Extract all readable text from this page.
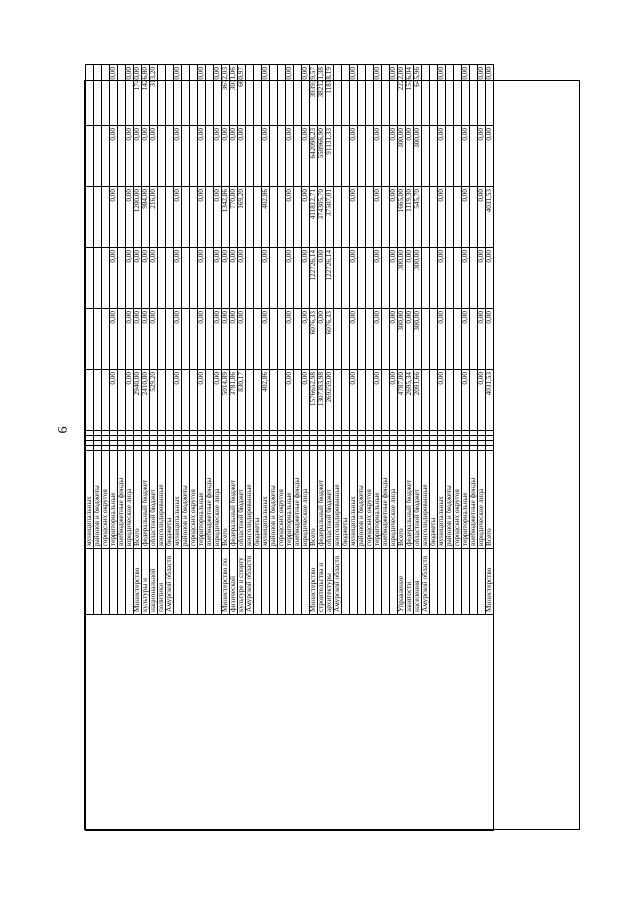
6
		муниципальных										
		районов и бюджеты										
		городских округов										
		территориальные					0,00	0,00	0,00	0,00	0,00	0,00
		внебюджетные фонды										
		юридические лица					0,00	0,00	0,00	0,00	0,00	0,00
	Министерство	Всего					2940,00	0,00	0,00	1200,00	0,00	1740,00
	культуры и	федеральный бюджет					2410,80	0,00	0,00	984,00	0,00	1426,80
	национальной	областной бюджет					529,20	0,00	0,00	216,00	0,00	313,20
	политики	консолидированные										
	Амурской области	бюджеты										
		муниципальных					0,00	0,00	0,00	0,00	0,00	0,00
		районов и бюджеты										
		городских округов										
		территориальные					0,00	0,00	0,00	0,00	0,00	0,00
		внебюджетные фонды										
		юридические лица					0,00	0,00	0,00	0,00	0,00	0,00
	Министерство по	Всего					5014,89	0,00	0,00	1342,86	0,00	3672,03
	физической	федеральный бюджет					3781,86	0,00	0,00	770,80	0,00	3011,06
	культуре и спорту	областной бюджет					830,17	0,00	0,00	169,20	0,00	660,97
	Амурской области	консолидированные										
		бюджеты										
		муниципальных					402,86	0,00	0,00	402,86	0,00	0,00
		районов и бюджеты										
		городских округов										
		территориальные					0,00	0,00	0,00	0,00	0,00	0,00
		внебюджетные фонды										
		юридические лица					0,00	0,00	0,00	0,00	0,00	0,00
	Министерство	Всего					1576652,98	6076,33	122726,14	411812,71	642098,23	393939,57
	строительства и	федеральный бюджет					1307393,98	0,00	0,00	374305,70	550966,90	382121,38
	архитектуры	областной бюджет					269259,00	6076,33	122726,14	37507,01	91131,33	11818,19
	Амурской области	консолидированные										
		бюджеты										
		муниципальных					0,00	0,00	0,00	0,00	0,00	0,00
		районов и бюджеты										
		городских округов										
		территориальные					0,00	0,00	0,00	0,00	0,00	0,00
		внебюджетные фонды										
		юридические лица					0,00	0,00	0,00	0,00	0,00	0,00
	Управление	Всего					4787,00	300,00	300,00	1665,00	300,00	2222,00
	занятости	федеральный бюджет					2695,34	0,00	0,00	1119,30	0,00	1576,04
	населения	областной бюджет					2091,66	300,00	300,00	545,70	300,00	645,96
	Амурской области	консолидированные										
		бюджеты										
		муниципальных					0,00	0,00	0,00	0,00	0,00	0,00
		районов и бюджеты										
		городских округов										
		территориальные					0,00	0,00	0,00	0,00	0,00	0,00
		внебюджетные фонды										
		юридические лица					0,00	0,00	0,00	0,00	0,00	0,00
	Министерство	Всего					4031,53	0,00	0,00	4031,53	0,00	0,00
